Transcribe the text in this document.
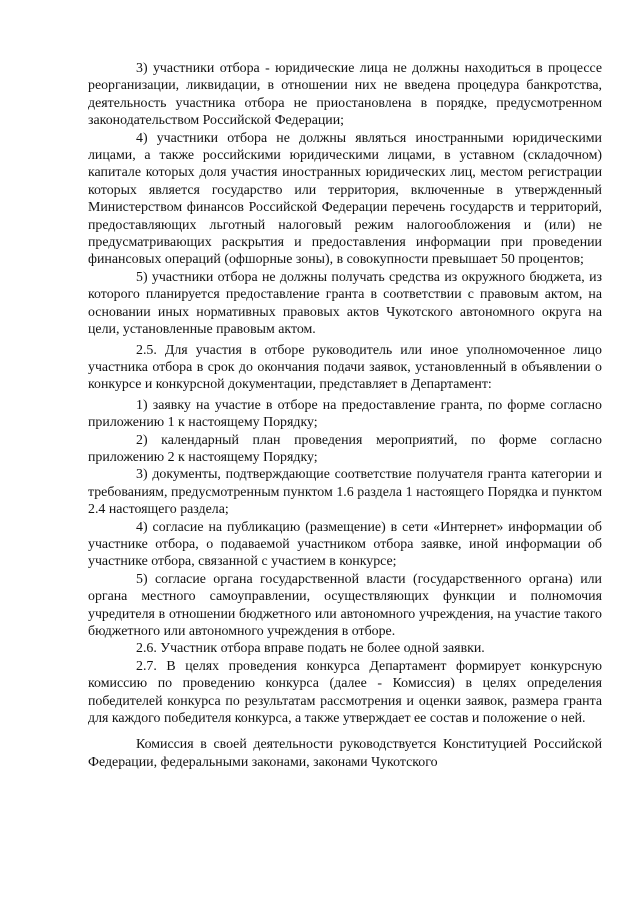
3) участники отбора - юридические лица не должны находиться в процессе реорганизации, ликвидации, в отношении них не введена процедура банкротства, деятельность участника отбора не приостановлена в порядке, предусмотренном законодательством Российской Федерации;

4) участники отбора не должны являться иностранными юридическими лицами, а также российскими юридическими лицами, в уставном (складочном) капитале которых доля участия иностранных юридических лиц, местом регистрации которых является государство или территория, включенные в утвержденный Министерством финансов Российской Федерации перечень государств и территорий, предоставляющих льготный налоговый режим налогообложения и (или) не предусматривающих раскрытия и предоставления информации при проведении финансовых операций (офшорные зоны), в совокупности превышает 50 процентов;

5) участники отбора не должны получать средства из окружного бюджета, из которого планируется предоставление гранта в соответствии с правовым актом, на основании иных нормативных правовых актов Чукотского автономного округа на цели, установленные правовым актом.

2.5. Для участия в отборе руководитель или иное уполномоченное лицо участника отбора в срок до окончания подачи заявок, установленный в объявлении о конкурсе и конкурсной документации, представляет в Департамент:

1) заявку на участие в отборе на предоставление гранта, по форме согласно приложению 1 к настоящему Порядку;

2) календарный план проведения мероприятий, по форме согласно приложению 2 к настоящему Порядку;

3) документы, подтверждающие соответствие получателя гранта категории и требованиям, предусмотренным пунктом 1.6 раздела 1 настоящего Порядка и пунктом 2.4 настоящего раздела;

4) согласие на публикацию (размещение) в сети «Интернет» информации об участнике отбора, о подаваемой участником отбора заявке, иной информации об участнике отбора, связанной с участием в конкурсе;

5) согласие органа государственной власти (государственного органа) или органа местного самоуправлении, осуществляющих функции и полномочия учредителя в отношении бюджетного или автономного учреждения, на участие такого бюджетного или автономного учреждения в отборе.

2.6. Участник отбора вправе подать не более одной заявки.

2.7. В целях проведения конкурса Департамент формирует конкурсную комиссию по проведению конкурса (далее - Комиссия) в целях определения победителей конкурса по результатам рассмотрения и оценки заявок, размера гранта для каждого победителя конкурса, а также утверждает ее состав и положение о ней.

Комиссия в своей деятельности руководствуется Конституцией Российской Федерации, федеральными законами, законами Чукотского
